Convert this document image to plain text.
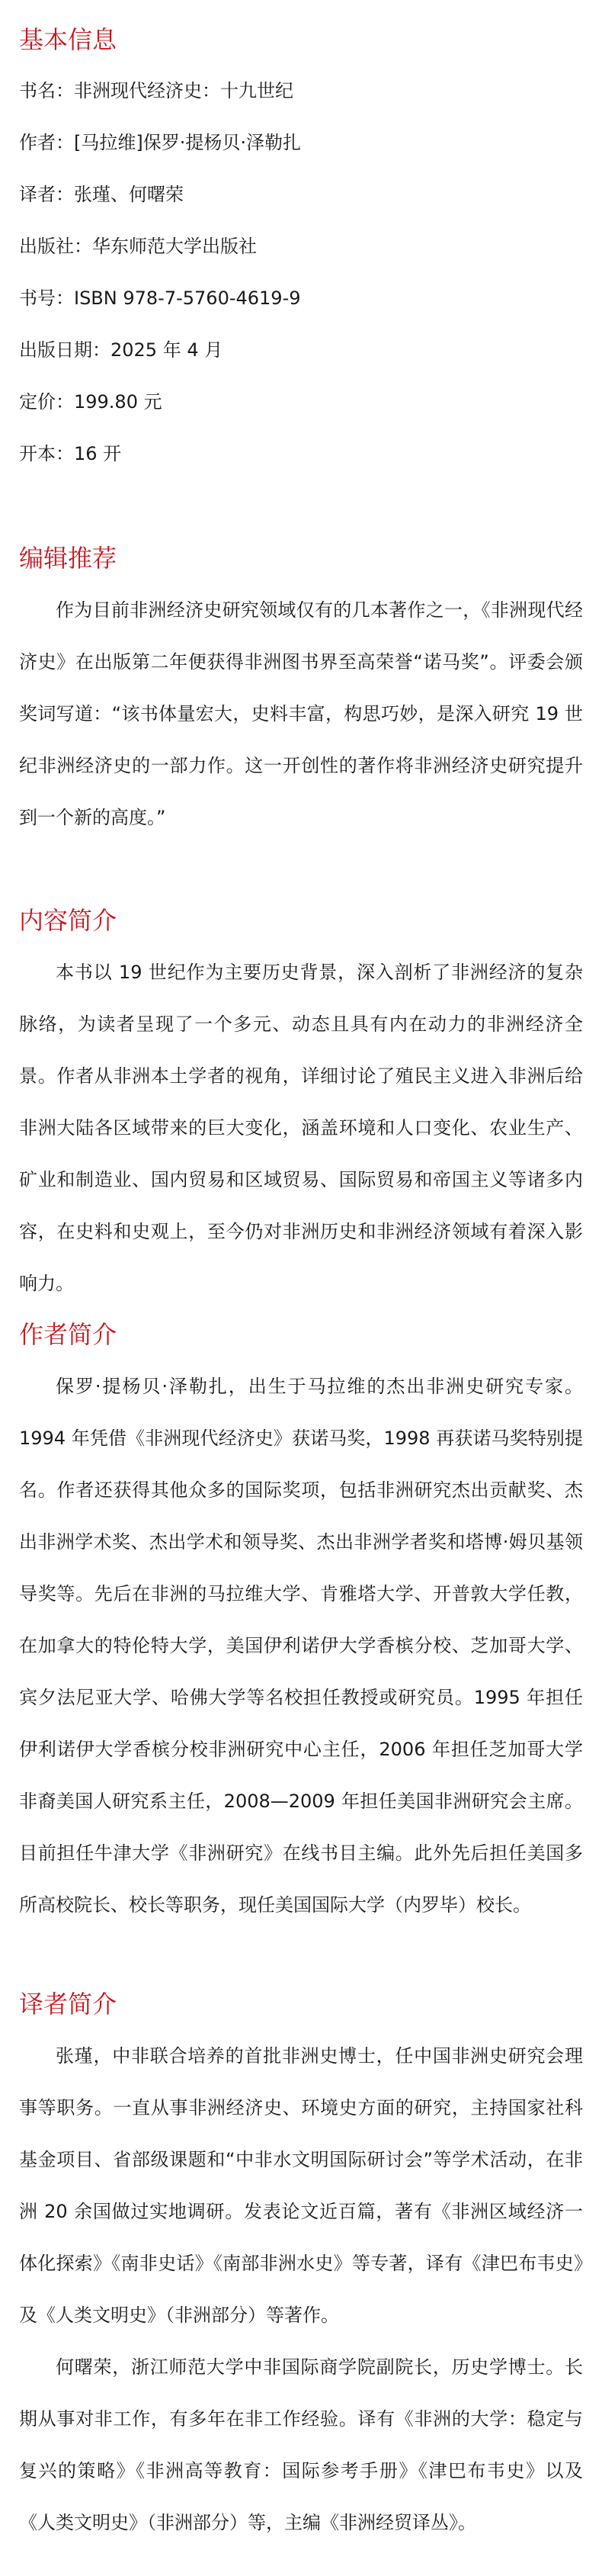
基本信息
书名：非洲现代经济史：十九世纪
作者：[马拉维]保罗·提杨贝·泽勒扎
译者：张瑾、何曙荣
出版社：华东师范大学出版社
书号：ISBN 978-7-5760-4619-9
出版日期：2025 年 4 月
定价：199.80 元
开本：16 开
编辑推荐

作为目前非洲经济史研究领域仅有的几本著作之一，《非洲现代经济史》在出版第二年便获得非洲图书界至高荣誉“诺马奖”。评委会颁奖词写道：“该书体量宏大，史料丰富，构思巧妙，是深入研究 19 世纪非洲经济史的一部力作。这一开创性的著作将非洲经济史研究提升到一个新的高度。”

内容简介

本书以 19 世纪作为主要历史背景，深入剖析了非洲经济的复杂脉络，为读者呈现了一个多元、动态且具有内在动力的非洲经济全景。作者从非洲本土学者的视角，详细讨论了殖民主义进入非洲后给非洲大陆各区域带来的巨大变化，涵盖环境和人口变化、农业生产、矿业和制造业、国内贸易和区域贸易、国际贸易和帝国主义等诸多内容，在史料和史观上，至今仍对非洲历史和非洲经济领域有着深入影响力。

作者简介

保罗·提杨贝·泽勒扎，出生于马拉维的杰出非洲史研究专家。1994 年凭借《非洲现代经济史》获诺马奖，1998 再获诺马奖特别提名。作者还获得其他众多的国际奖项，包括非洲研究杰出贡献奖、杰出非洲学术奖、杰出学术和领导奖、杰出非洲学者奖和塔博·姆贝基领导奖等。先后在非洲的马拉维大学、肯雅塔大学、开普敦大学任教，在加拿大的特伦特大学，美国伊利诺伊大学香槟分校、芝加哥大学、宾夕法尼亚大学、哈佛大学等名校担任教授或研究员。1995 年担任伊利诺伊大学香槟分校非洲研究中心主任，2006 年担任芝加哥大学非裔美国人研究系主任，2008—2009 年担任美国非洲研究会主席。目前担任牛津大学《非洲研究》在线书目主编。此外先后担任美国多所高校院长、校长等职务，现任美国国际大学（内罗毕）校长。

译者简介

张瑾，中非联合培养的首批非洲史博士，任中国非洲史研究会理事等职务。一直从事非洲经济史、环境史方面的研究，主持国家社科基金项目、省部级课题和“中非水文明国际研讨会”等学术活动，在非洲 20 余国做过实地调研。发表论文近百篇，著有《非洲区域经济一体化探索》《南非史话》《南部非洲水史》等专著，译有《津巴布韦史》及《人类文明史》（非洲部分）等著作。

何曙荣，浙江师范大学中非国际商学院副院长，历史学博士。长期从事对非工作，有多年在非工作经验。译有《非洲的大学：稳定与复兴的策略》《非洲高等教育：国际参考手册》《津巴布韦史》以及《人类文明史》（非洲部分）等，主编《非洲经贸译丛》。
